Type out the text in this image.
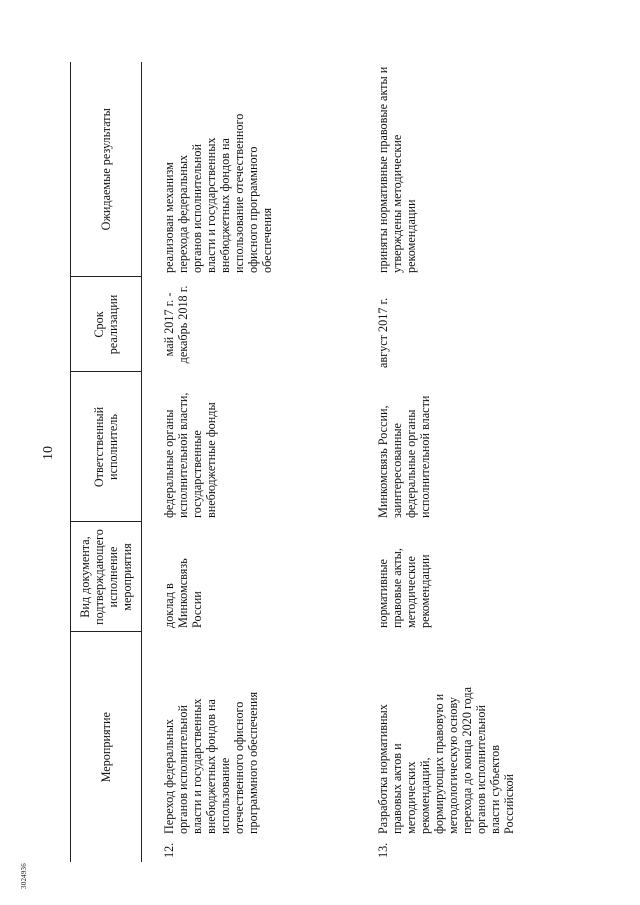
10
3024936
Мероприятие	Вид документа, подтверждающего исполнение мероприятия	Ответственный исполнитель	Срок реализации	Ожидаемые результаты

12.
Переход федеральных органов исполнительной власти и государственных внебюджетных фондов на использование отечественного офисного программного обеспечения	доклад в Минкомсвязь России	федеральные органы исполнительной власти, государственные внебюджетные фонды	май 2017 г. - декабрь 2018 г.	реализован механизм перехода федеральных органов исполнительной власти и государственных внебюджетных фондов на использование отечественного офисного программного обеспечения

13.
Разработка нормативных правовых актов и методических рекомендаций, формирующих правовую и методологическую основу перехода до конца 2020 года органов исполнительной власти субъектов Российской	нормативные правовые акты, методические рекомендации	Минкомсвязь России, заинтересованные федеральные органы исполнительной власти	август 2017 г.	приняты нормативные правовые акты и утверждены методические рекомендации
